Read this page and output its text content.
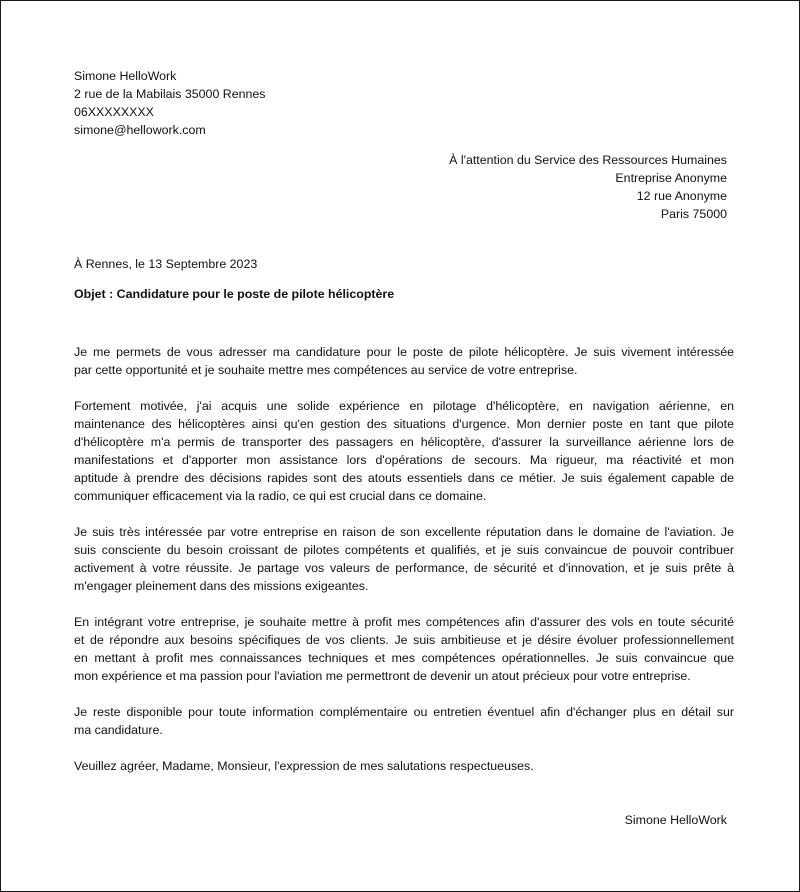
Simone HelloWork
2 rue de la Mabilais 35000 Rennes
06XXXXXXXX
simone@hellowork.com
À l'attention du Service des Ressources Humaines
Entreprise Anonyme
12 rue Anonyme
Paris 75000
À Rennes, le 13 Septembre 2023
Objet : Candidature pour le poste de pilote hélicoptère
Je me permets de vous adresser ma candidature pour le poste de pilote hélicoptère. Je suis vivement intéressée
par cette opportunité et je souhaite mettre mes compétences au service de votre entreprise.
Fortement motivée, j'ai acquis une solide expérience en pilotage d'hélicoptère, en navigation aérienne, en
maintenance des hélicoptères ainsi qu'en gestion des situations d'urgence. Mon dernier poste en tant que pilote
d'hélicoptère m'a permis de transporter des passagers en hélicoptère, d'assurer la surveillance aérienne lors de
manifestations et d'apporter mon assistance lors d'opérations de secours. Ma rigueur, ma réactivité et mon
aptitude à prendre des décisions rapides sont des atouts essentiels dans ce métier. Je suis également capable de
communiquer efficacement via la radio, ce qui est crucial dans ce domaine.
Je suis très intéressée par votre entreprise en raison de son excellente réputation dans le domaine de l'aviation. Je
suis consciente du besoin croissant de pilotes compétents et qualifiés, et je suis convaincue de pouvoir contribuer
activement à votre réussite. Je partage vos valeurs de performance, de sécurité et d'innovation, et je suis prête à
m'engager pleinement dans des missions exigeantes.
En intégrant votre entreprise, je souhaite mettre à profit mes compétences afin d'assurer des vols en toute sécurité
et de répondre aux besoins spécifiques de vos clients. Je suis ambitieuse et je désire évoluer professionnellement
en mettant à profit mes connaissances techniques et mes compétences opérationnelles. Je suis convaincue que
mon expérience et ma passion pour l'aviation me permettront de devenir un atout précieux pour votre entreprise.
Je reste disponible pour toute information complémentaire ou entretien éventuel afin d'échanger plus en détail sur
ma candidature.
Veuillez agréer, Madame, Monsieur, l'expression de mes salutations respectueuses.
Simone HelloWork
